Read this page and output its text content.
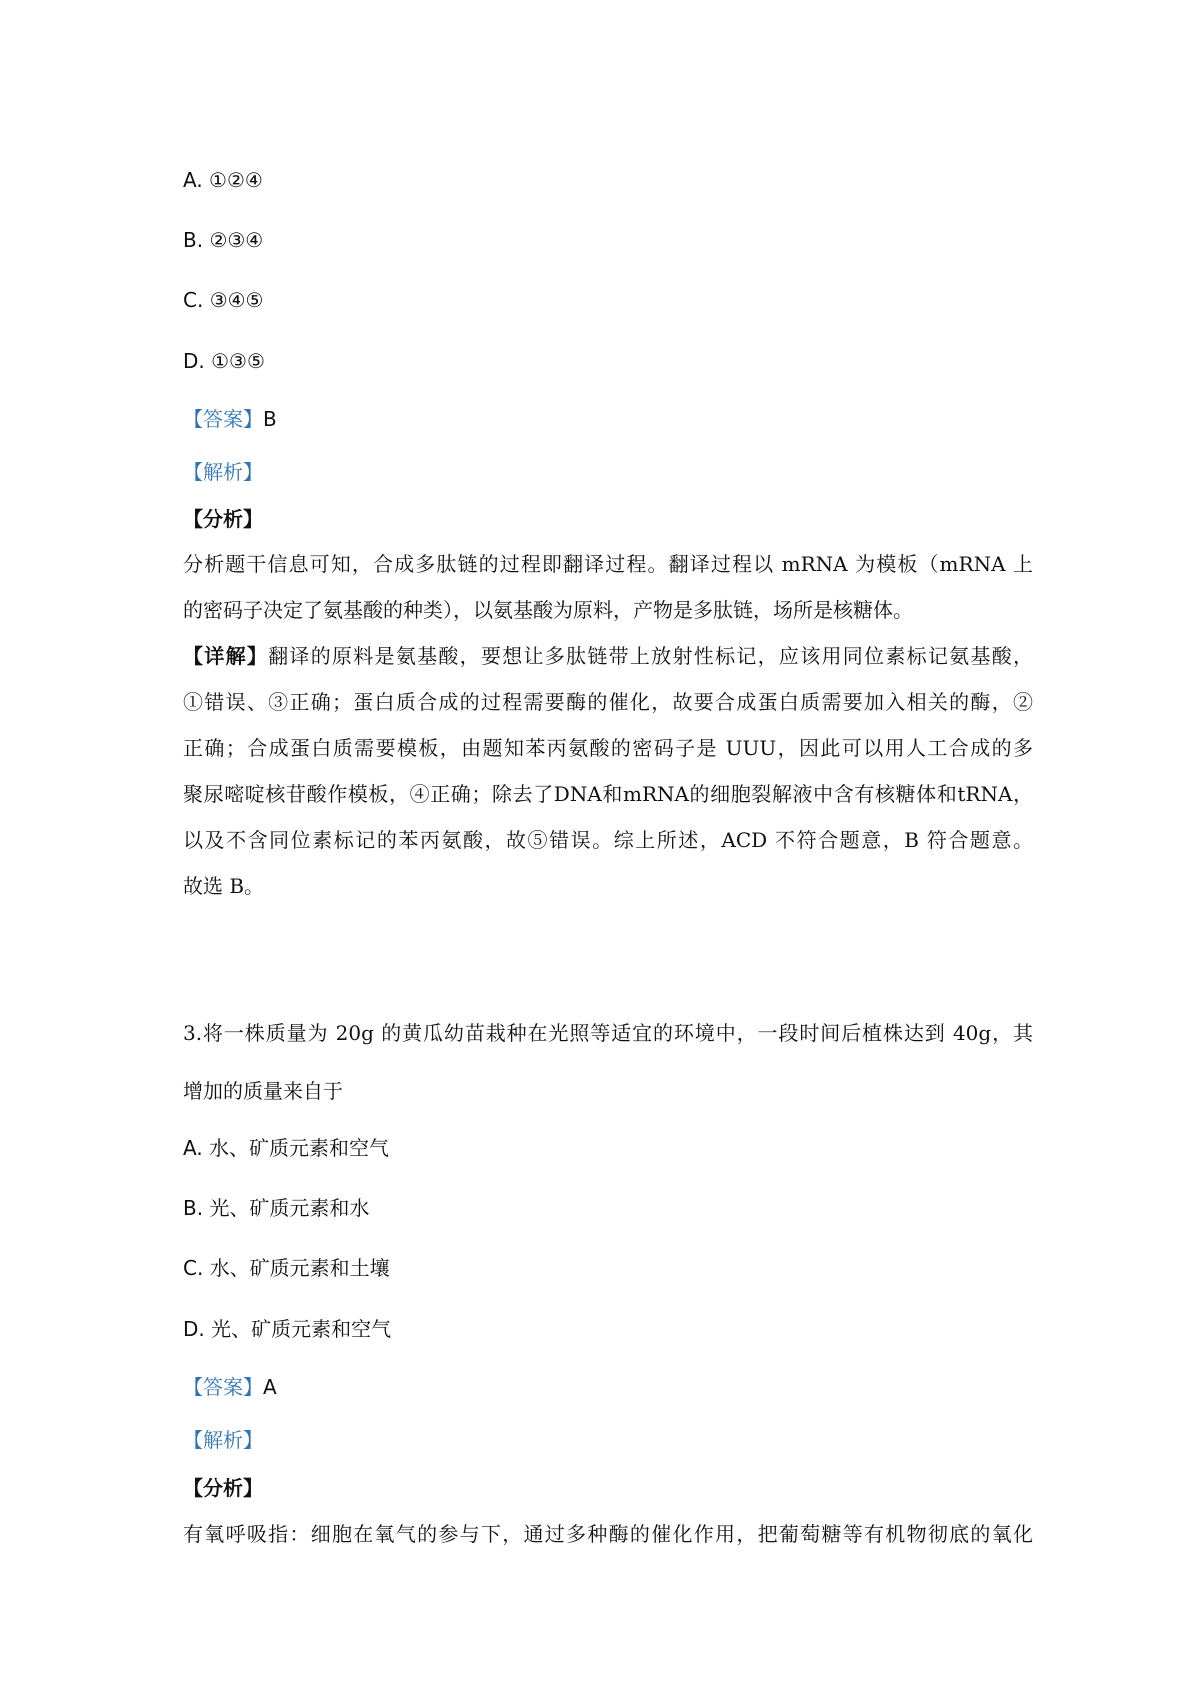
A. ①②④
B. ②③④
C. ③④⑤
D. ①③⑤
【答案】B
【解析】
【分析】
分析题干信息可知，合成多肽链的过程即翻译过程。翻译过程以 mRNA 为模板（mRNA 上
的密码子决定了氨基酸的种类），以氨基酸为原料，产物是多肽链，场所是核糖体。
【详解】翻译的原料是氨基酸，要想让多肽链带上放射性标记，应该用同位素标记氨基酸，
①错误、③正确；蛋白质合成的过程需要酶的催化，故要合成蛋白质需要加入相关的酶，②
正确；合成蛋白质需要模板，由题知苯丙氨酸的密码子是 UUU，因此可以用人工合成的多
聚尿嘧啶核苷酸作模板，④正确；除去了DNA和mRNA的细胞裂解液中含有核糖体和tRNA，
以及不含同位素标记的苯丙氨酸，故⑤错误。综上所述，ACD 不符合题意，B 符合题意。
故选 B。
3.将一株质量为 20g 的黄瓜幼苗栽种在光照等适宜的环境中，一段时间后植株达到 40g，其
增加的质量来自于
A. 水、矿质元素和空气
B. 光、矿质元素和水
C. 水、矿质元素和土壤
D. 光、矿质元素和空气
【答案】A
【解析】
【分析】
有氧呼吸指：细胞在氧气的参与下，通过多种酶的催化作用，把葡萄糖等有机物彻底的氧化
